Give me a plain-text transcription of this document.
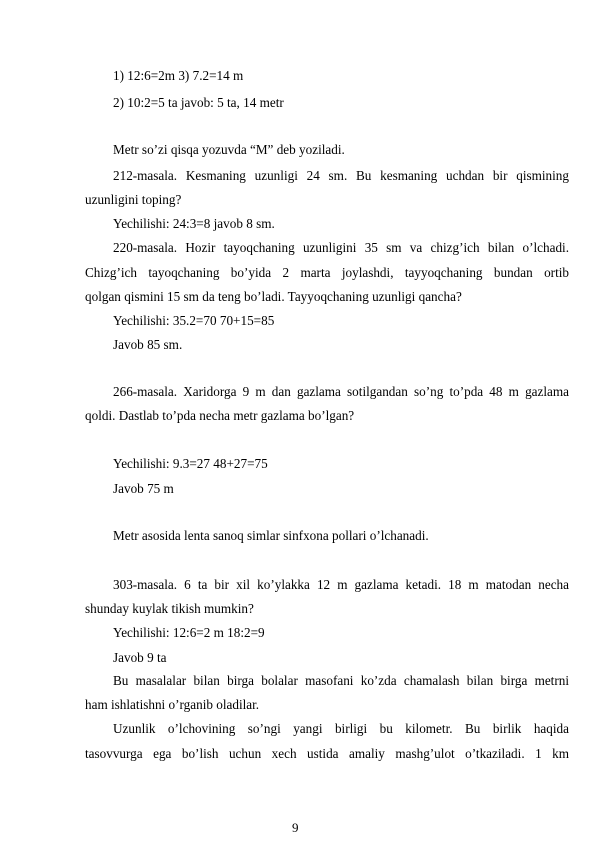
1) 12:6=2m 3) 7.2=14 m
2) 10:2=5 ta javob: 5 ta, 14 metr
Metr so’zi qisqa yozuvda “M” deb yoziladi.
212-masala. Kesmaning uzunligi 24 sm. Bu kesmaning uchdan bir qismining
uzunligini toping?
Yechilishi: 24:3=8 javob 8 sm.
220-masala. Hozir tayoqchaning uzunligini 35 sm va chizg’ich bilan o’lchadi.
Chizg’ich tayoqchaning bo’yida 2 marta joylashdi, tayyoqchaning bundan ortib
qolgan qismini 15 sm da teng bo’ladi. Tayyoqchaning uzunligi qancha?
Yechilishi: 35.2=70 70+15=85
Javob 85 sm.
266-masala. Xaridorga 9 m dan gazlama sotilgandan so’ng to’pda 48 m gazlama
qoldi. Dastlab to’pda necha metr gazlama bo’lgan?
Yechilishi: 9.3=27 48+27=75
Javob 75 m
Metr asosida lenta sanoq simlar sinfxona pollari o’lchanadi.
303-masala. 6 ta bir xil ko’ylakka 12 m gazlama ketadi. 18 m matodan necha
shunday kuylak tikish mumkin?
Yechilishi: 12:6=2 m 18:2=9
Javob 9 ta
Bu masalalar bilan birga bolalar masofani ko’zda chamalash bilan birga metrni
ham ishlatishni o’rganib oladilar.
Uzunlik o’lchovining so’ngi yangi birligi bu kilometr. Bu birlik haqida
tasovvurga ega bo’lish uchun xech ustida amaliy mashg’ulot o’tkaziladi. 1 km
9
